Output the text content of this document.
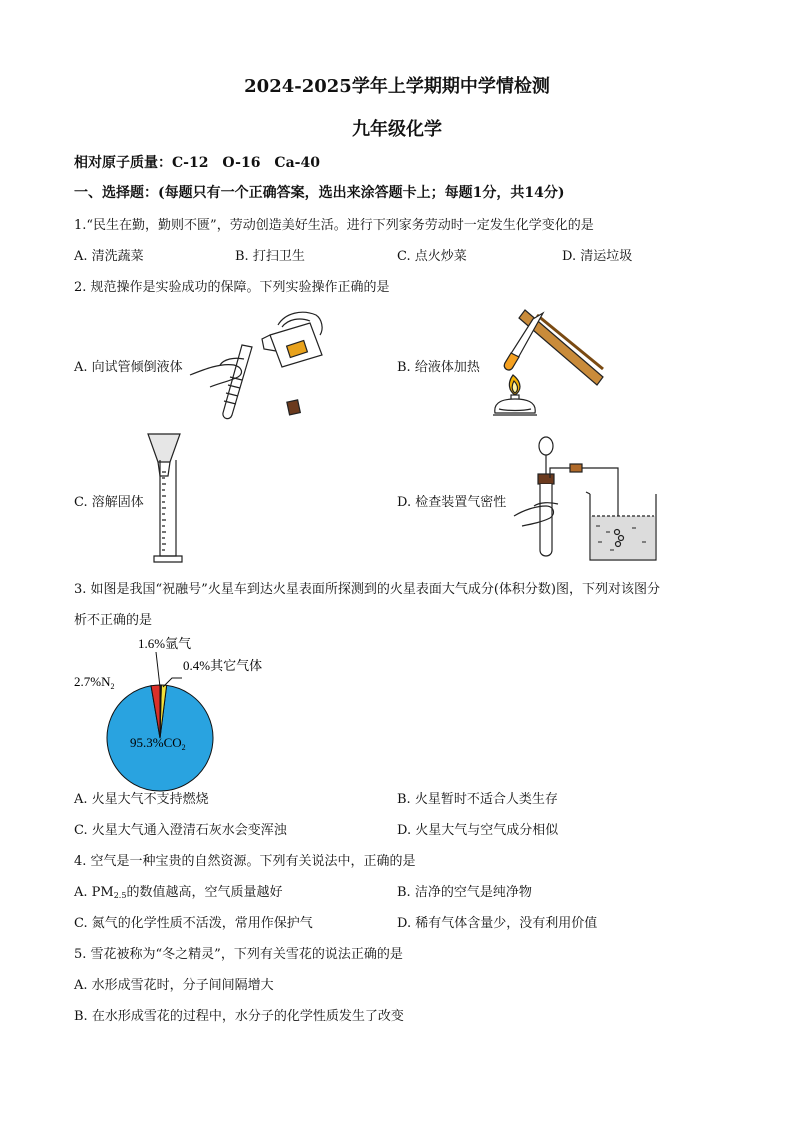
2024-2025学年上学期期中学情检测
九年级化学
相对原子质量：C-12　O-16　Ca-40
一、选择题：(每题只有一个正确答案，选出来涂答题卡上；每题1分，共14分)
1.“民生在勤，勤则不匮”，劳动创造美好生活。进行下列家务劳动时一定发生化学变化的是
A. 清洗蔬菜	B. 打扫卫生	C. 点火炒菜	D. 清运垃圾
2. 规范操作是实验成功的保障。下列实验操作正确的是
A. 向试管倾倒液体	B. 给液体加热
C. 溶解固体	D. 检查装置气密性
3. 如图是我国“祝融号”火星车到达火星表面所探测到的火星表面大气成分(体积分数)图，下列对该图分
析不正确的是
1.6%氩气
0.4%其它气体
$2.7\%N_2$
$95.3\%CO_2$
A. 火星大气不支持燃烧	B. 火星暂时不适合人类生存
C. 火星大气通入澄清石灰水会变浑浊	D. 火星大气与空气成分相似
4. 空气是一种宝贵的自然资源。下列有关说法中，正确的是
A. $PM_{2.5}$的数值越高，空气质量越好	B. 洁净的空气是纯净物
C. 氮气的化学性质不活泼，常用作保护气	D. 稀有气体含量少，没有利用价值
5. 雪花被称为“冬之精灵”，下列有关雪花的说法正确的是
A. 水形成雪花时，分子间间隔增大
B. 在水形成雪花的过程中，水分子的化学性质发生了改变
